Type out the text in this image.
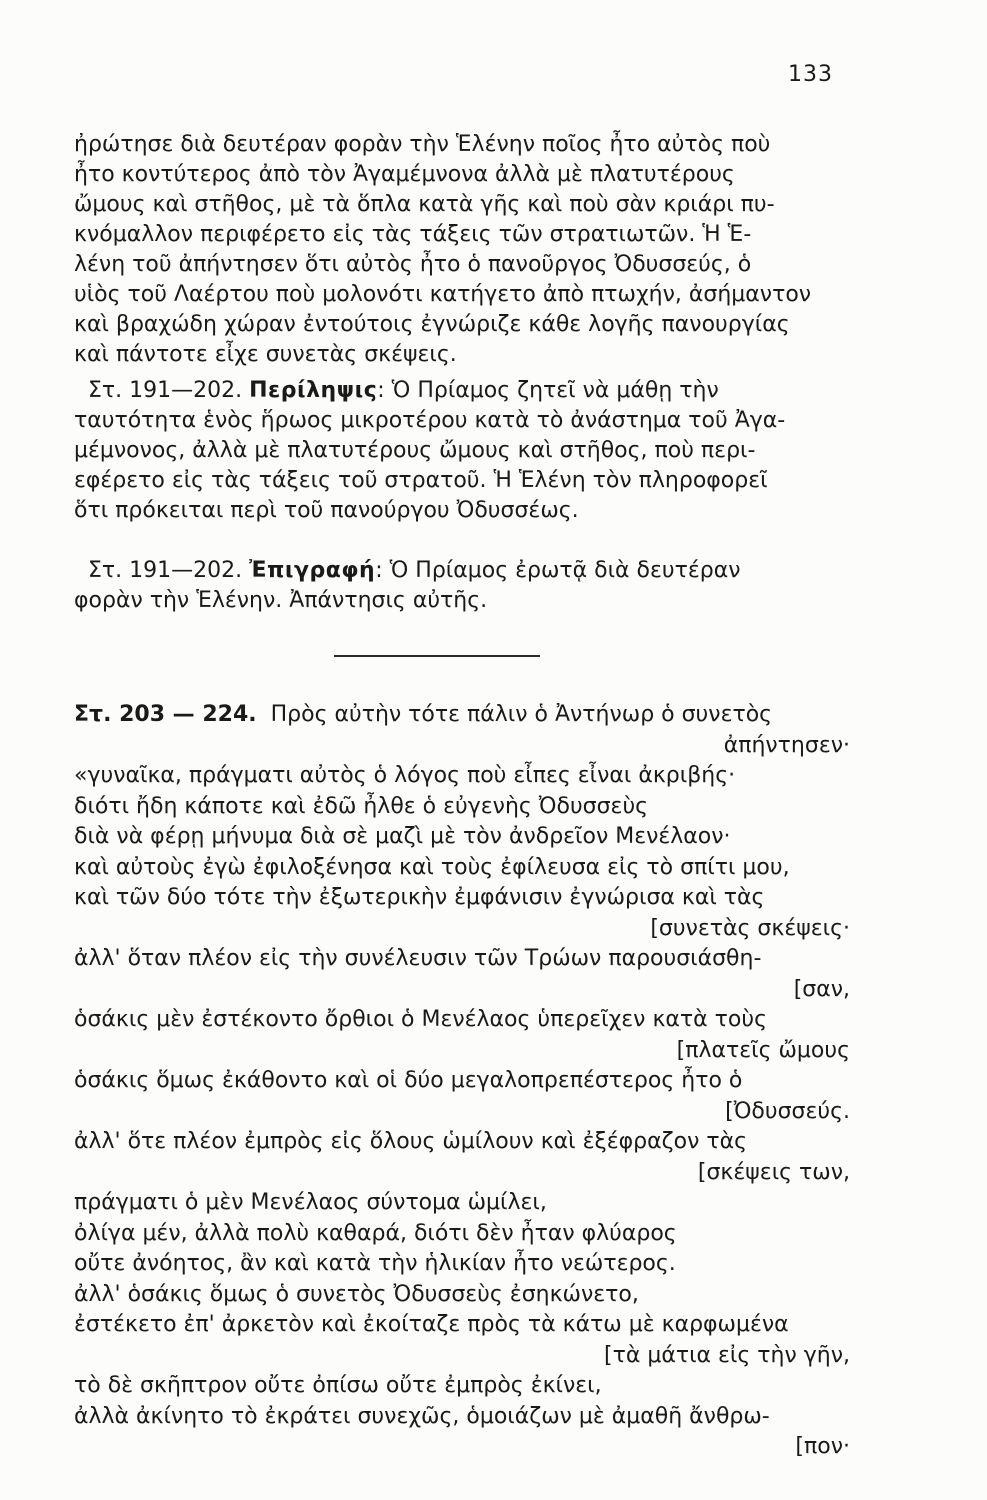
133
ἠρώτησε διὰ δευτέραν φορὰν τὴν Ἑλένην ποῖος ἦτο αὐτὸς ποὺ
ἦτο κοντύτερος ἀπὸ τὸν Ἀγαμέμνονα ἀλλὰ μὲ πλατυτέρους
ὤμους καὶ στῆθος, μὲ τὰ ὅπλα κατὰ γῆς καὶ ποὺ σὰν κριάρι πυ-
κνόμαλλον περιφέρετο εἰς τὰς τάξεις τῶν στρατιωτῶν. Ἡ Ἑ-
λένη τοῦ ἀπήντησεν ὅτι αὐτὸς ἦτο ὁ πανοῦργος Ὀδυσσεύς, ὁ
υἱὸς τοῦ Λαέρτου ποὺ μολονότι κατήγετο ἀπὸ πτωχήν, ἀσήμαντον
καὶ βραχώδη χώραν ἐντούτοις ἐγνώριζε κάθε λογῆς πανουργίας
καὶ πάντοτε εἶχε συνετὰς σκέψεις.
Στ. 191—202. Περίληψις: Ὁ Πρίαμος ζητεῖ νὰ μάθῃ τὴν
ταυτότητα ἑνὸς ἥρωος μικροτέρου κατὰ τὸ ἀνάστημα τοῦ Ἀγα-
μέμνονος, ἀλλὰ μὲ πλατυτέρους ὤμους καὶ στῆθος, ποὺ περι-
εφέρετο εἰς τὰς τάξεις τοῦ στρατοῦ. Ἡ Ἑλένη τὸν πληροφορεῖ
ὅτι πρόκειται περὶ τοῦ πανούργου Ὀδυσσέως.
Στ. 191—202. Ἐπιγραφή: Ὁ Πρίαμος ἐρωτᾷ διὰ δευτέραν
φορὰν τὴν Ἑλένην. Ἀπάντησις αὐτῆς.
Στ. 203 — 224. Πρὸς αὐτὴν τότε πάλιν ὁ Ἀντήνωρ ὁ συνετὸς
ἀπήντησεν·
«γυναῖκα, πράγματι αὐτὸς ὁ λόγος ποὺ εἶπες εἶναι ἀκριβής·
διότι ἤδη κάποτε καὶ ἐδῶ ἦλθε ὁ εὐγενὴς Ὀδυσσεὺς
διὰ νὰ φέρῃ μήνυμα διὰ σὲ μαζὶ μὲ τὸν ἀνδρεῖον Μενέλαον·
καὶ αὐτοὺς ἐγὼ ἐφιλοξένησα καὶ τοὺς ἐφίλευσα εἰς τὸ σπίτι μου,
καὶ τῶν δύο τότε τὴν ἐξωτερικὴν ἐμφάνισιν ἐγνώρισα καὶ τὰς
[συνετὰς σκέψεις·
ἀλλ' ὅταν πλέον εἰς τὴν συνέλευσιν τῶν Τρώων παρουσιάσθη-
[σαν,
ὁσάκις μὲν ἐστέκοντο ὄρθιοι ὁ Μενέλαος ὑπερεῖχεν κατὰ τοὺς
[πλατεῖς ὤμους
ὁσάκις ὅμως ἐκάθοντο καὶ οἱ δύο μεγαλοπρεπέστερος ἦτο ὁ
[Ὀδυσσεύς.
ἀλλ' ὅτε πλέον ἐμπρὸς εἰς ὅλους ὡμίλουν καὶ ἐξέφραζον τὰς
[σκέψεις των,
πράγματι ὁ μὲν Μενέλαος σύντομα ὡμίλει,
ὀλίγα μέν, ἀλλὰ πολὺ καθαρά, διότι δὲν ἦταν φλύαρος
οὔτε ἀνόητος, ἂν καὶ κατὰ τὴν ἡλικίαν ἦτο νεώτερος.
ἀλλ' ὁσάκις ὅμως ὁ συνετὸς Ὀδυσσεὺς ἐσηκώνετο,
ἐστέκετο ἐπ' ἀρκετὸν καὶ ἐκοίταζε πρὸς τὰ κάτω μὲ καρφωμένα
[τὰ μάτια εἰς τὴν γῆν,
τὸ δὲ σκῆπτρον οὔτε ὀπίσω οὔτε ἐμπρὸς ἐκίνει,
ἀλλὰ ἀκίνητο τὸ ἐκράτει συνεχῶς, ὁμοιάζων μὲ ἀμαθῆ ἄνθρω-
[πον·
